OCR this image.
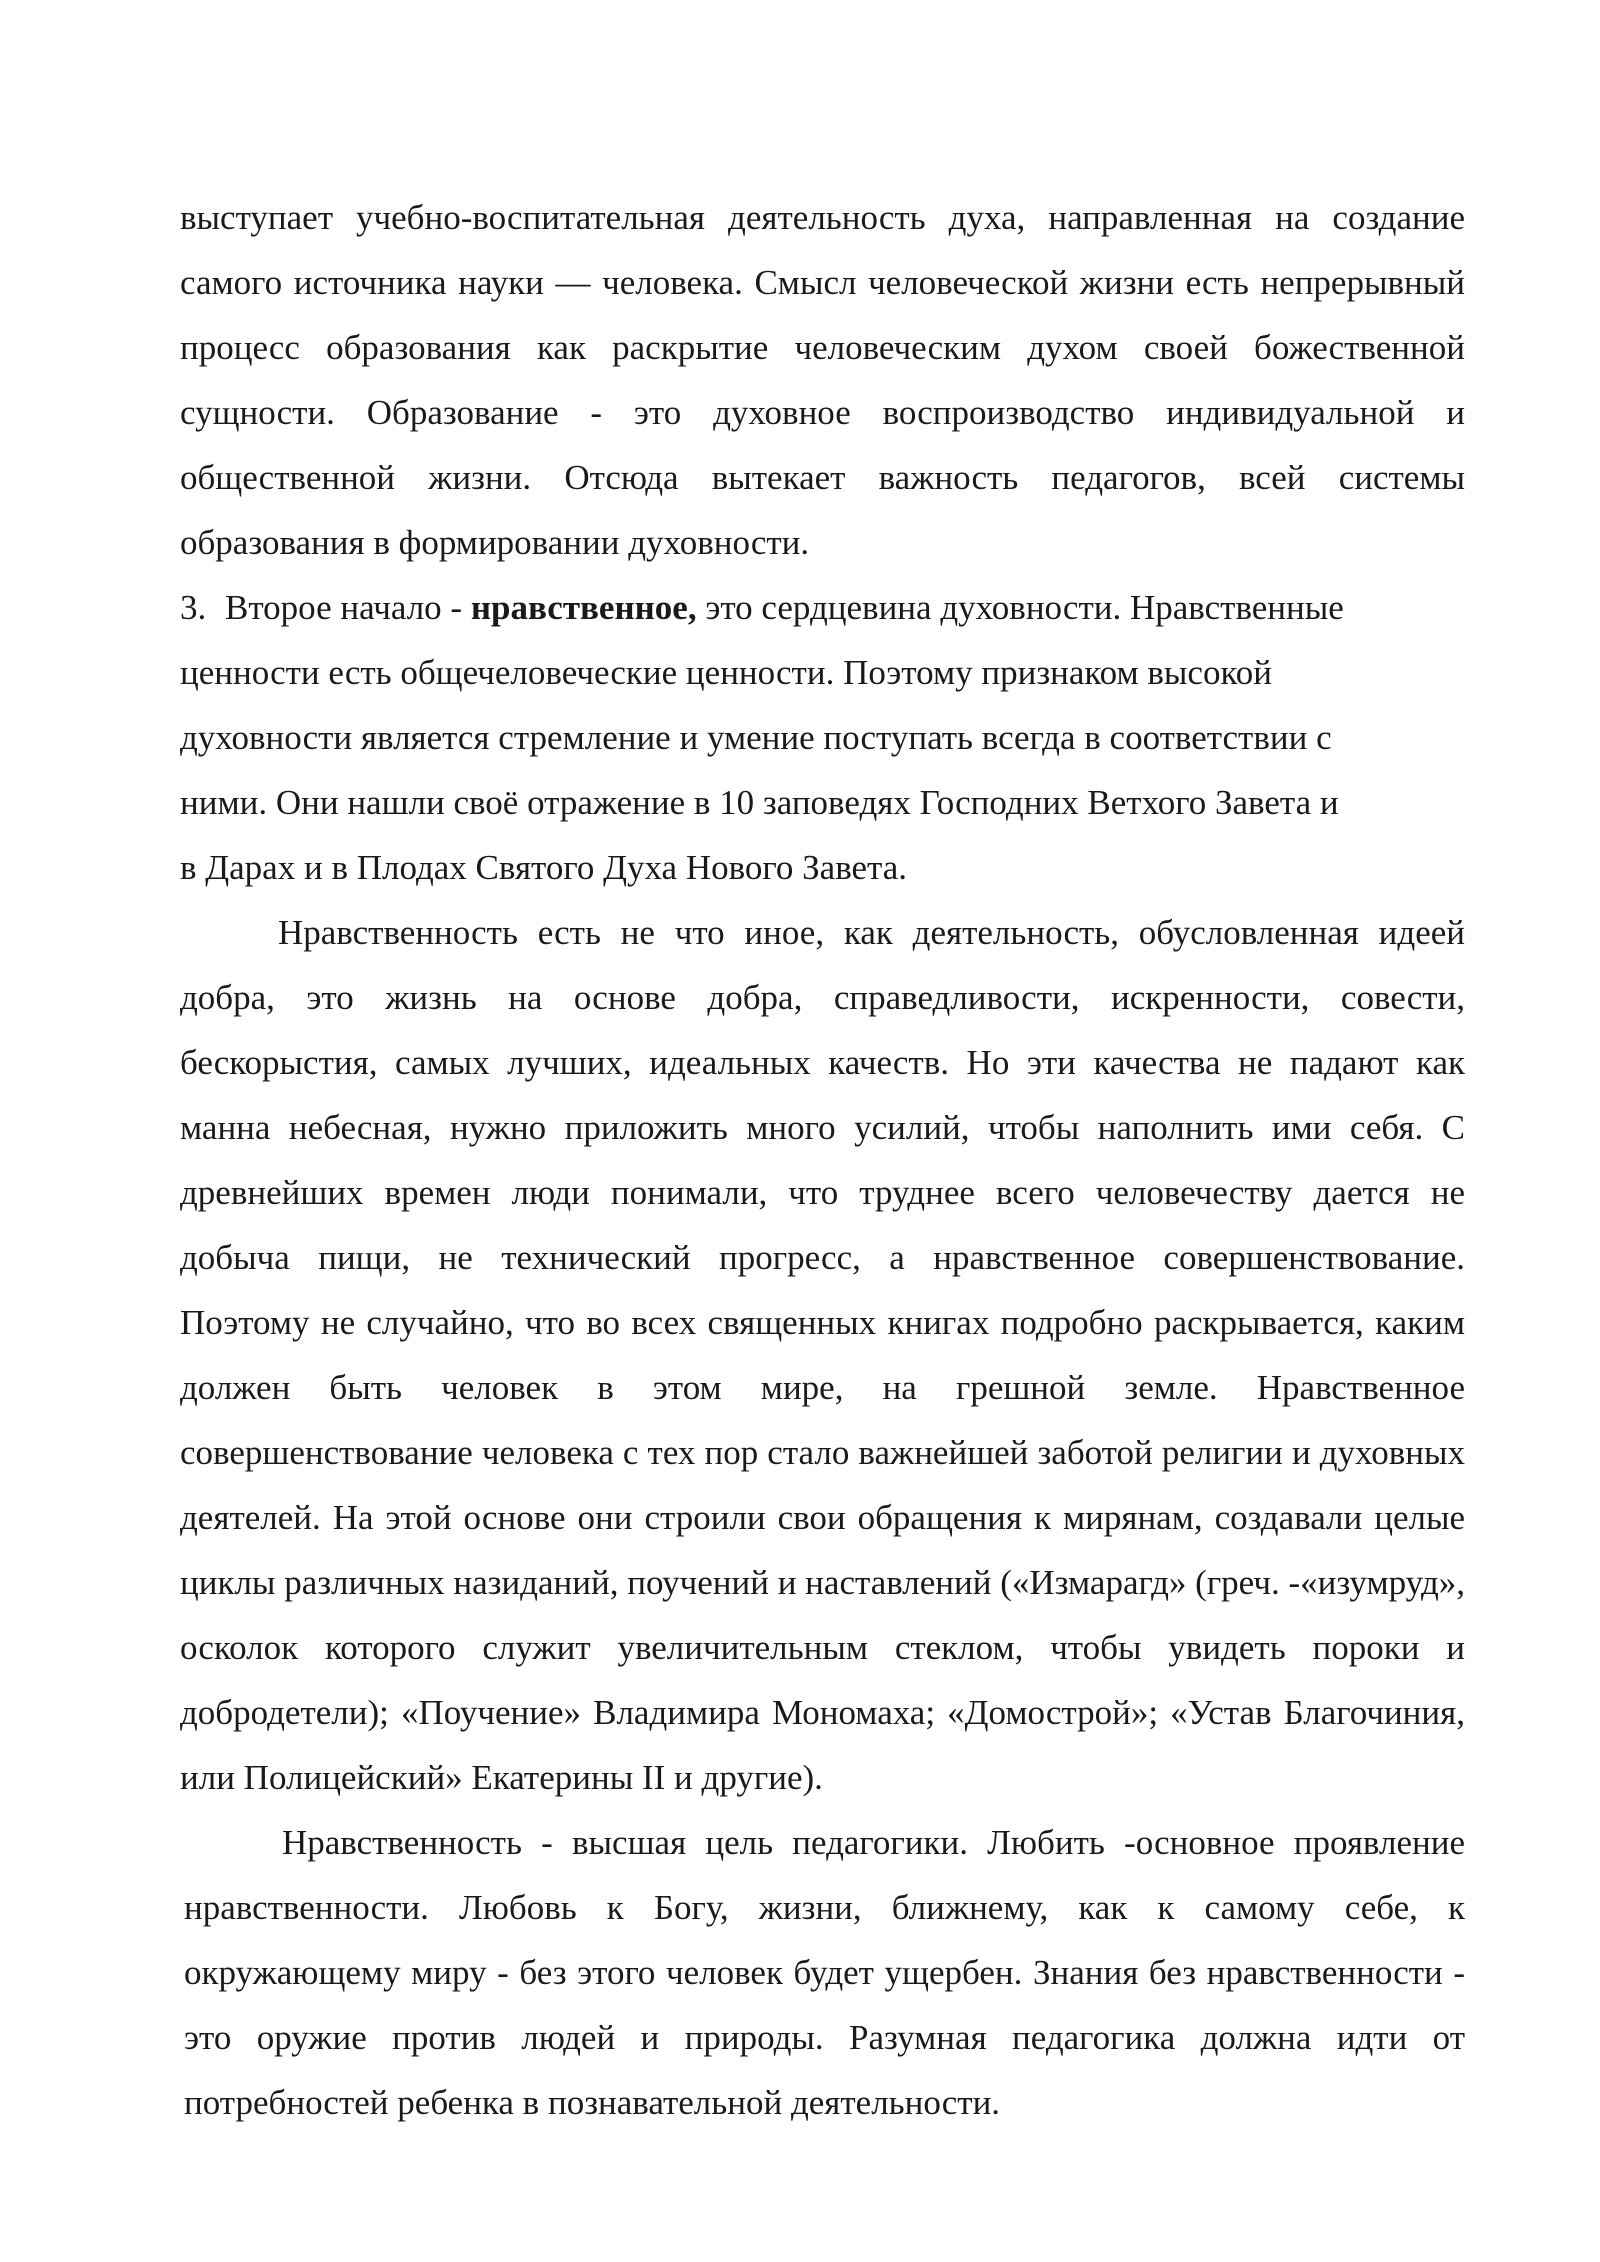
выступает учебно-воспитательная деятельность духа, направленная на создание самого источника науки — человека. Смысл человеческой жизни есть непрерывный процесс образования как раскрытие человеческим духом своей божественной сущности. Образование - это духовное воспроизводство индивидуальной и общественной жизни. Отсюда вытекает важность педагогов, всей системы образования в формировании духовности.

3. Второе начало - нравственное, это сердцевина духовности. Нравственные
ценности есть общечеловеческие ценности. Поэтому признаком высокой
духовности является стремление и умение поступать всегда в соответствии с
ними. Они нашли своё отражение в 10 заповедях Господних Ветхого Завета и
в Дарах и в Плодах Святого Духа Нового Завета.

Нравственность есть не что иное, как деятельность, обусловленная идеей добра, это жизнь на основе добра, справедливости, искренности, совести, бескорыстия, самых лучших, идеальных качеств. Но эти качества не падают как манна небесная, нужно приложить много усилий, чтобы наполнить ими себя. С древнейших времен люди понимали, что труднее всего человечеству дается не добыча пищи, не технический прогресс, а нравственное совершенствование. Поэтому не случайно, что во всех священных книгах подробно раскрывается, каким должен быть человек в этом мире, на грешной земле. Нравственное совершенствование человека с тех пор стало важнейшей заботой религии и духовных деятелей. На этой основе они строили свои обращения к мирянам, создавали целые циклы различных назиданий, поучений и наставлений («Измарагд» (греч. -«изумруд», осколок которого служит увеличительным стеклом, чтобы увидеть пороки и добродетели); «Поучение» Владимира Мономаха; «Домострой»; «Устав Благочиния, или Полицейский» Екатерины II и другие).

Нравственность - высшая цель педагогики. Любить -основное проявление нравственности. Любовь к Богу, жизни, ближнему, как к самому себе, к окружающему миру - без этого человек будет ущербен. Знания без нравственности - это оружие против людей и природы. Разумная педагогика должна идти от потребностей ребенка в познавательной деятельности.
